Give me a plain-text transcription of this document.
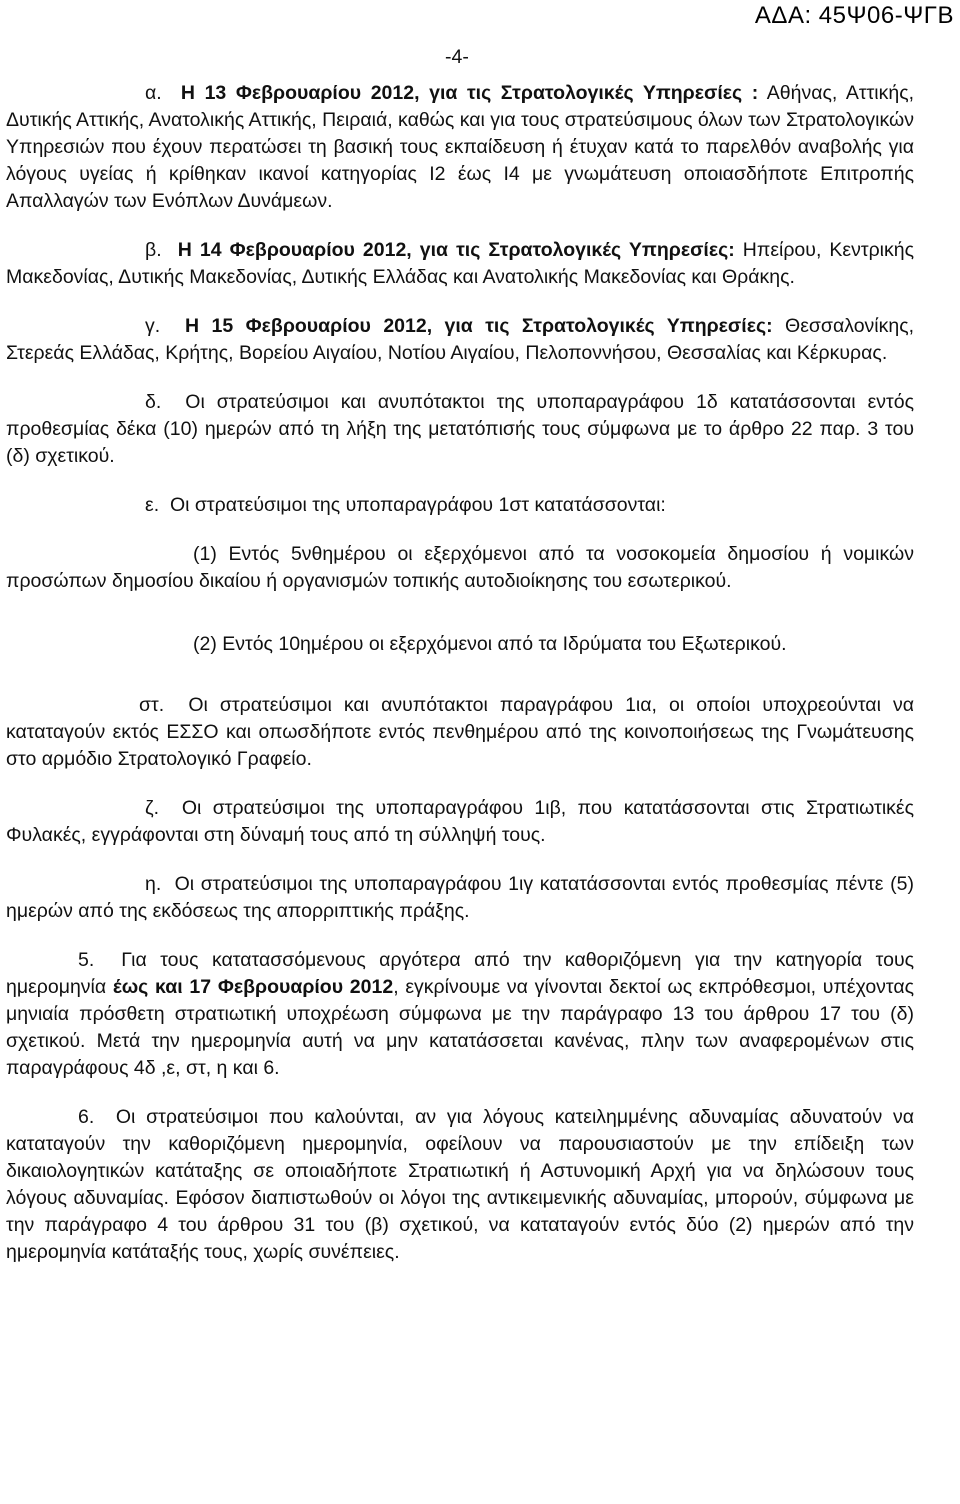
ΑΔΑ: 45Ψ06-ΨΓΒ
-4-

α.  Η 13 Φεβρουαρίου 2012, για τις Στρατολογικές Υπηρεσίες : Αθήνας, Αττικής, Δυτικής Αττικής, Ανατολικής Αττικής, Πειραιά, καθώς και για τους στρατεύσιμους όλων των Στρατολογικών Υπηρεσιών που έχουν περατώσει τη βασική τους εκπαίδευση ή έτυχαν κατά το παρελθόν αναβολής για λόγους υγείας ή κρίθηκαν ικανοί κατηγορίας Ι2 έως Ι4 με γνωμάτευση οποιασδήποτε Επιτροπής Απαλλαγών των Ενόπλων Δυνάμεων.

β.  Η 14 Φεβρουαρίου 2012, για τις Στρατολογικές Υπηρεσίες: Ηπείρου, Κεντρικής Μακεδονίας, Δυτικής Μακεδονίας, Δυτικής Ελλάδας και Ανατολικής Μακεδονίας και Θράκης.

γ.  Η 15 Φεβρουαρίου 2012, για τις Στρατολογικές Υπηρεσίες: Θεσσαλονίκης, Στερεάς Ελλάδας, Κρήτης, Βορείου Αιγαίου, Νοτίου Αιγαίου, Πελοποννήσου, Θεσσαλίας και Κέρκυρας.

δ.  Οι στρατεύσιμοι και ανυπότακτοι της υποπαραγράφου 1δ κατατάσσονται εντός προθεσμίας δέκα (10) ημερών από τη λήξη της μετατόπισής τους σύμφωνα με το άρθρο 22 παρ. 3 του (δ) σχετικού.

ε.  Οι στρατεύσιμοι της υποπαραγράφου 1στ κατατάσσονται:

(1) Εντός 5νθημέρου οι εξερχόμενοι από τα νοσοκομεία δημοσίου ή νομικών προσώπων δημοσίου δικαίου ή οργανισμών τοπικής αυτοδιοίκησης του εσωτερικού.

(2) Εντός 10ημέρου οι εξερχόμενοι από τα Ιδρύματα του Εξωτερικού.

στ.  Οι στρατεύσιμοι και ανυπότακτοι παραγράφου 1ια, οι οποίοι υποχρεούνται να καταταγούν εκτός ΕΣΣΟ και οπωσδήποτε εντός πενθημέρου από της κοινοποιήσεως της Γνωμάτευσης στο αρμόδιο Στρατολογικό Γραφείο.

ζ.  Οι στρατεύσιμοι της υποπαραγράφου 1ιβ, που κατατάσσονται στις Στρατιωτικές Φυλακές, εγγράφονται στη δύναμή τους από τη σύλληψή τους.

η.  Οι στρατεύσιμοι της υποπαραγράφου 1ιγ κατατάσσονται εντός προθεσμίας πέντε (5) ημερών από της εκδόσεως της απορριπτικής πράξης.

5.  Για τους κατατασσόμενους αργότερα από την καθοριζόμενη για την κατηγορία τους ημερομηνία έως και 17 Φεβρουαρίου 2012, εγκρίνουμε να γίνονται δεκτοί ως εκπρόθεσμοι, υπέχοντας μηνιαία πρόσθετη στρατιωτική υποχρέωση σύμφωνα με την παράγραφο 13 του άρθρου 17 του (δ) σχετικού. Μετά την ημερομηνία αυτή να μην κατατάσσεται κανένας, πλην των αναφερομένων στις παραγράφους 4δ ,ε, στ, η και 6.

6.  Οι στρατεύσιμοι που καλούνται, αν για λόγους κατειλημμένης αδυναμίας αδυνατούν να καταταγούν την καθοριζόμενη ημερομηνία, οφείλουν να παρουσιαστούν με την επίδειξη των δικαιολογητικών κατάταξης σε οποιαδήποτε Στρατιωτική ή Αστυνομική Αρχή για να δηλώσουν τους λόγους αδυναμίας. Εφόσον διαπιστωθούν οι λόγοι της αντικειμενικής αδυναμίας, μπορούν, σύμφωνα με την παράγραφο 4 του άρθρου 31 του (β) σχετικού, να καταταγούν εντός δύο (2) ημερών από την ημερομηνία κατάταξής τους, χωρίς συνέπειες.
